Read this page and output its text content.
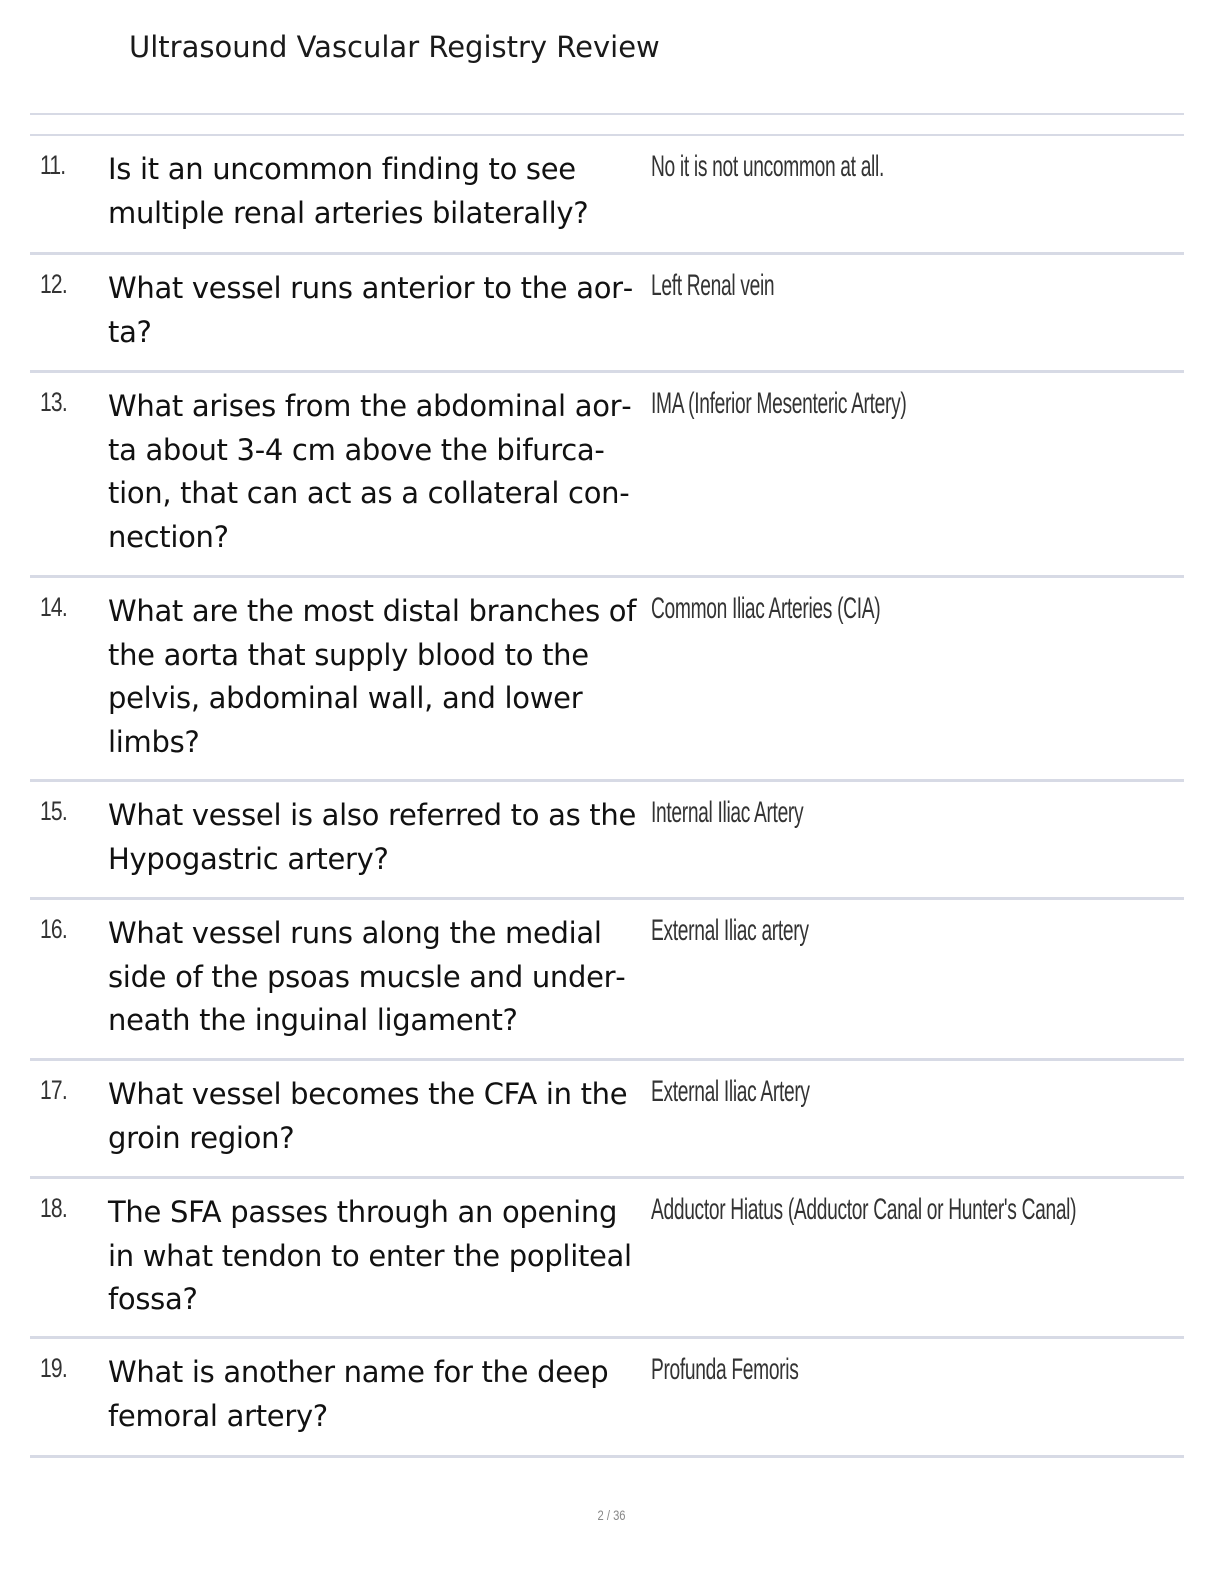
Ultrasound Vascular Registry Review
11. Is it an uncommon finding to see multiple renal arteries bilaterally?
No it is not uncommon at all.
12. What vessel runs anterior to the aorta?
Left Renal vein
13. What arises from the abdominal aorta about 3-4 cm above the bifurcation, that can act as a collateral connection?
IMA (Inferior Mesenteric Artery)
14. What are the most distal branches of the aorta that supply blood to the pelvis, abdominal wall, and lower limbs?
Common Iliac Arteries (CIA)
15. What vessel is also referred to as the Hypogastric artery?
Internal Iliac Artery
16. What vessel runs along the medial side of the psoas mucsle and underneath the inguinal ligament?
External Iliac artery
17. What vessel becomes the CFA in the groin region?
External Iliac Artery
18. The SFA passes through an opening in what tendon to enter the popliteal fossa?
Adductor Hiatus (Adductor Canal or Hunter's Canal)
19. What is another name for the deep femoral artery?
Profunda Femoris
2 / 36
